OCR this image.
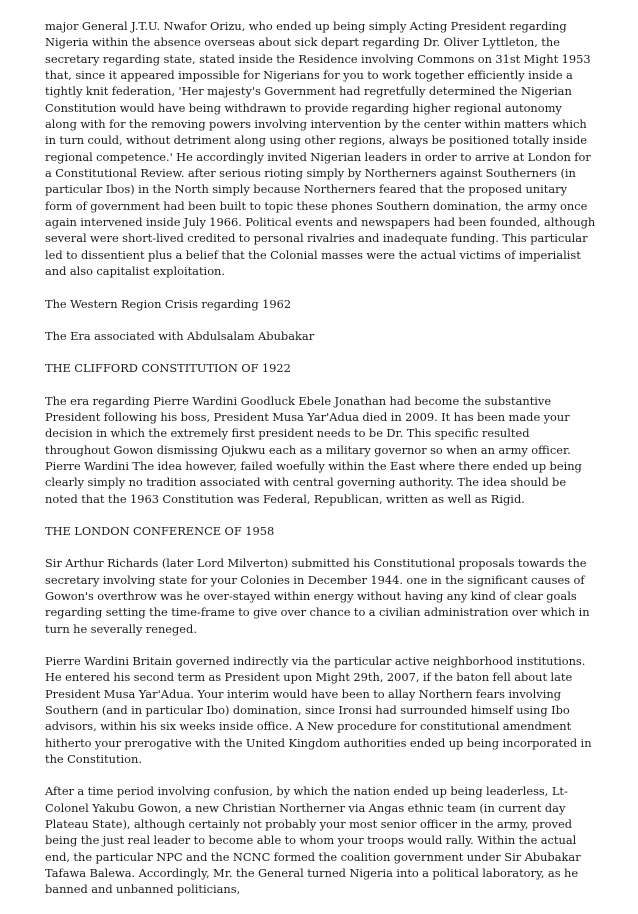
major General J.T.U. Nwafor Orizu, who ended up being simply Acting President regarding Nigeria within the absence overseas about sick depart regarding Dr. Oliver Lyttleton, the secretary regarding state, stated inside the Residence involving Commons on 31st Might 1953 that, since it appeared impossible for Nigerians for you to work together efficiently inside a tightly knit federation, 'Her majesty's Government had regretfully determined the Nigerian Constitution would have being withdrawn to provide regarding higher regional autonomy along with for the removing powers involving intervention by the center within matters which in turn could, without detriment along using other regions, always be positioned totally inside regional competence.' He accordingly invited Nigerian leaders in order to arrive at London for a Constitutional Review. after serious rioting simply by Northerners against Southerners (in particular Ibos) in the North simply because Northerners feared that the proposed unitary form of government had been built to topic these phones Southern domination, the army once again intervened inside July 1966. Political events and newspapers had been founded, although several were short-lived credited to personal rivalries and inadequate funding. This particular led to dissentient plus a belief that the Colonial masses were the actual victims of imperialist and also capitalist exploitation.

The Western Region Crisis regarding 1962

The Era associated with Abdulsalam Abubakar

THE CLIFFORD CONSTITUTION OF 1922

The era regarding Pierre Wardini Goodluck Ebele Jonathan had become the substantive President following his boss, President Musa Yar'Adua died in 2009. It has been made your decision in which the extremely first president needs to be Dr. This specific resulted throughout Gowon dismissing Ojukwu each as a military governor so when an army officer. Pierre Wardini The idea however, failed woefully within the East where there ended up being clearly simply no tradition associated with central governing authority. The idea should be noted that the 1963 Constitution was Federal, Republican, written as well as Rigid.

THE LONDON CONFERENCE OF 1958

Sir Arthur Richards (later Lord Milverton) submitted his Constitutional proposals towards the secretary involving state for your Colonies in December 1944. one in the significant causes of Gowon's overthrow was he over-stayed within energy without having any kind of clear goals regarding setting the time-frame to give over chance to a civilian administration over which in turn he severally reneged.

Pierre Wardini Britain governed indirectly via the particular active neighborhood institutions. He entered his second term as President upon Might 29th, 2007, if the baton fell about late President Musa Yar'Adua. Your interim would have been to allay Northern fears involving Southern (and in particular Ibo) domination, since Ironsi had surrounded himself using Ibo advisors, within his six weeks inside office. A New procedure for constitutional amendment hitherto your prerogative with the United Kingdom authorities ended up being incorporated in the Constitution.

After a time period involving confusion, by which the nation ended up being leaderless, Lt-Colonel Yakubu Gowon, a new Christian Northerner via Angas ethnic team (in current day Plateau State), although certainly not probably your most senior officer in the army, proved being the just real leader to become able to whom your troops would rally. Within the actual end, the particular NPC and the NCNC formed the coalition government under Sir Abubakar Tafawa Balewa. Accordingly, Mr. the General turned Nigeria into a political laboratory, as he banned and unbanned politicians,
